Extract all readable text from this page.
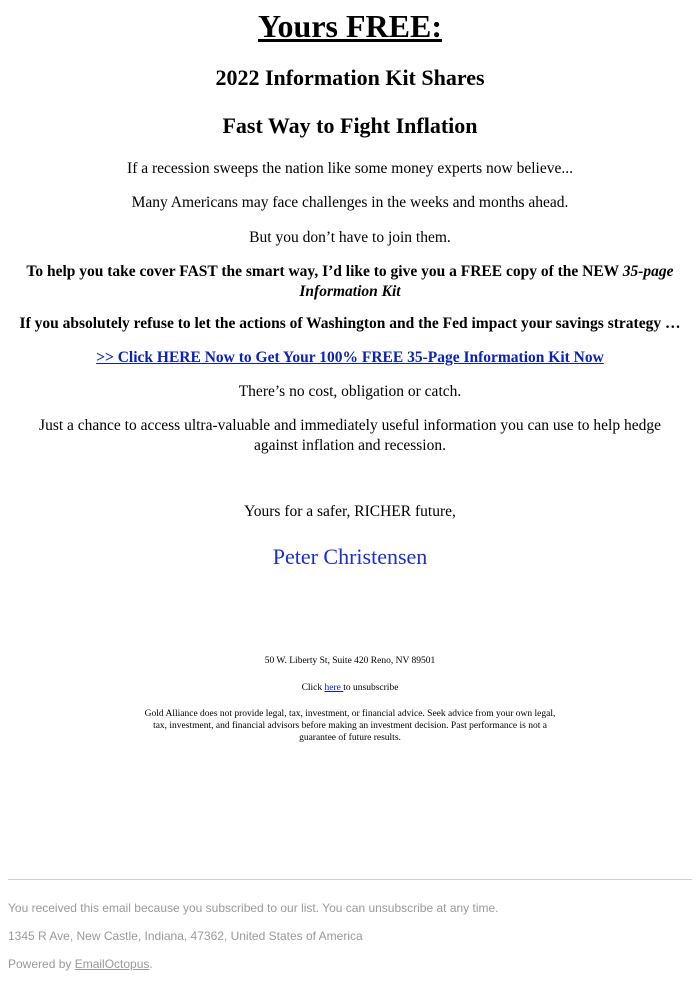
Yours FREE:
2022 Information Kit Shares
Fast Way to Fight Inflation
If a recession sweeps the nation like some money experts now believe...
Many Americans may face challenges in the weeks and months ahead.
But you don’t have to join them.
To help you take cover FAST the smart way, I’d like to give you a FREE copy of the NEW 35-page Information Kit
If you absolutely refuse to let the actions of Washington and the Fed impact your savings strategy …
>> Click HERE Now to Get Your 100% FREE 35-Page Information Kit Now
There’s no cost, obligation or catch.
Just a chance to access ultra-valuable and immediately useful information you can use to help hedge against inflation and recession.
Yours for a safer, RICHER future,
Peter Christensen
50 W. Liberty St, Suite 420 Reno, NV 89501
Click here to unsubscribe
Gold Alliance does not provide legal, tax, investment, or financial advice. Seek advice from your own legal, tax, investment, and financial advisors before making an investment decision. Past performance is not a guarantee of future results.
You received this email because you subscribed to our list. You can unsubscribe at any time.
1345 R Ave, New Castle, Indiana, 47362, United States of America
Powered by EmailOctopus.
